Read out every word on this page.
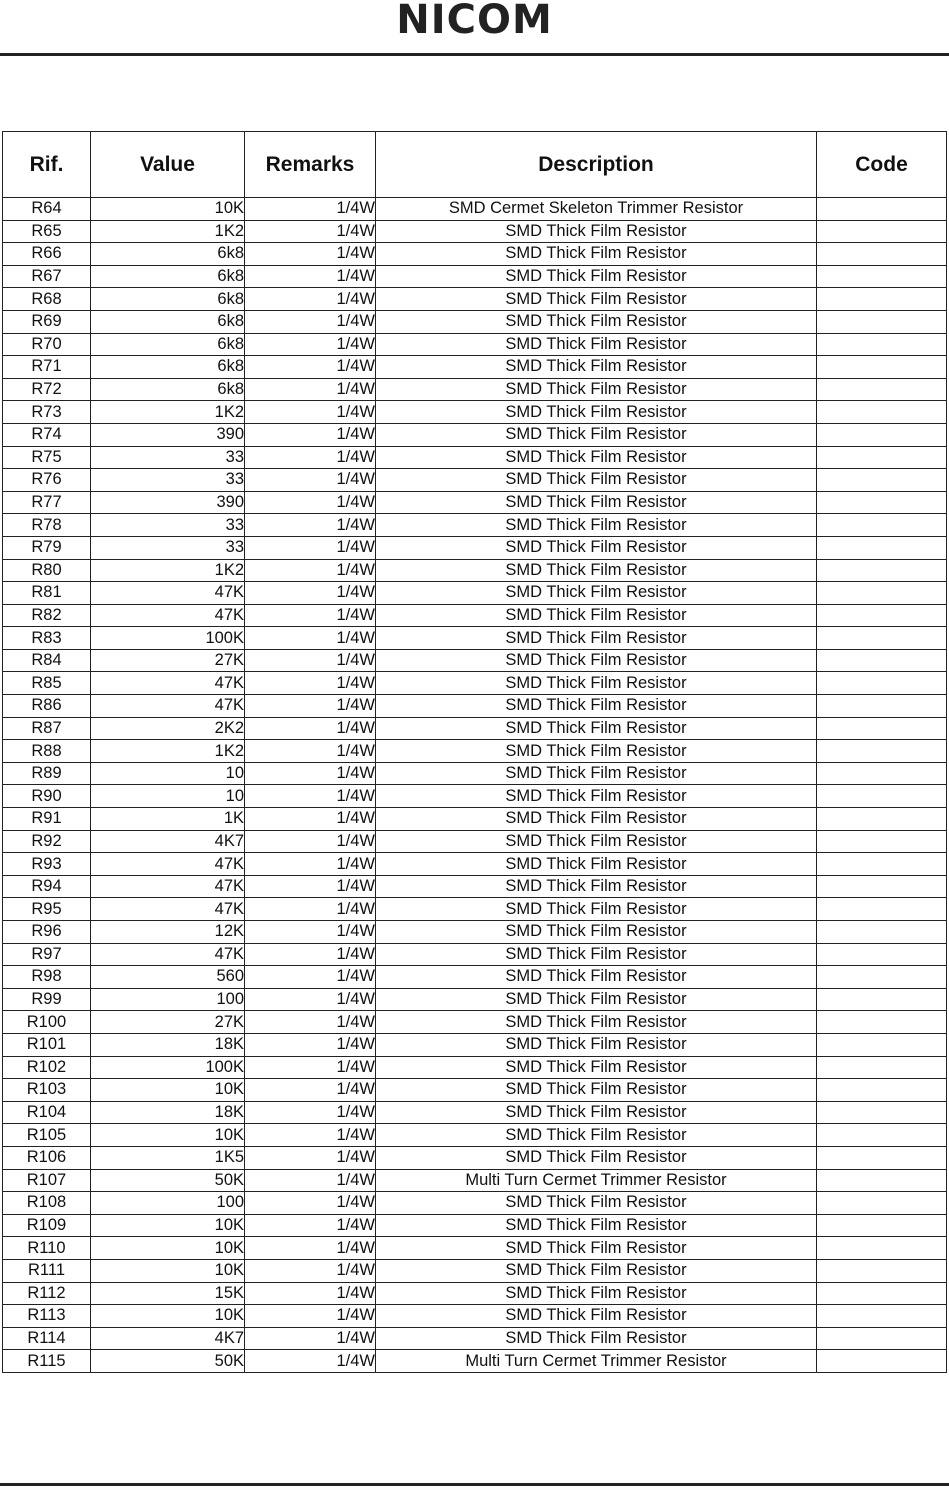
NICOM
Rif.	Value	Remarks	Description	Code
R64	10K	1/4W	SMD Cermet Skeleton Trimmer Resistor	
R65	1K2	1/4W	SMD Thick Film Resistor	
R66	6k8	1/4W	SMD Thick Film Resistor	
R67	6k8	1/4W	SMD Thick Film Resistor	
R68	6k8	1/4W	SMD Thick Film Resistor	
R69	6k8	1/4W	SMD Thick Film Resistor	
R70	6k8	1/4W	SMD Thick Film Resistor	
R71	6k8	1/4W	SMD Thick Film Resistor	
R72	6k8	1/4W	SMD Thick Film Resistor	
R73	1K2	1/4W	SMD Thick Film Resistor	
R74	390	1/4W	SMD Thick Film Resistor	
R75	33	1/4W	SMD Thick Film Resistor	
R76	33	1/4W	SMD Thick Film Resistor	
R77	390	1/4W	SMD Thick Film Resistor	
R78	33	1/4W	SMD Thick Film Resistor	
R79	33	1/4W	SMD Thick Film Resistor	
R80	1K2	1/4W	SMD Thick Film Resistor	
R81	47K	1/4W	SMD Thick Film Resistor	
R82	47K	1/4W	SMD Thick Film Resistor	
R83	100K	1/4W	SMD Thick Film Resistor	
R84	27K	1/4W	SMD Thick Film Resistor	
R85	47K	1/4W	SMD Thick Film Resistor	
R86	47K	1/4W	SMD Thick Film Resistor	
R87	2K2	1/4W	SMD Thick Film Resistor	
R88	1K2	1/4W	SMD Thick Film Resistor	
R89	10	1/4W	SMD Thick Film Resistor	
R90	10	1/4W	SMD Thick Film Resistor	
R91	1K	1/4W	SMD Thick Film Resistor	
R92	4K7	1/4W	SMD Thick Film Resistor	
R93	47K	1/4W	SMD Thick Film Resistor	
R94	47K	1/4W	SMD Thick Film Resistor	
R95	47K	1/4W	SMD Thick Film Resistor	
R96	12K	1/4W	SMD Thick Film Resistor	
R97	47K	1/4W	SMD Thick Film Resistor	
R98	560	1/4W	SMD Thick Film Resistor	
R99	100	1/4W	SMD Thick Film Resistor	
R100	27K	1/4W	SMD Thick Film Resistor	
R101	18K	1/4W	SMD Thick Film Resistor	
R102	100K	1/4W	SMD Thick Film Resistor	
R103	10K	1/4W	SMD Thick Film Resistor	
R104	18K	1/4W	SMD Thick Film Resistor	
R105	10K	1/4W	SMD Thick Film Resistor	
R106	1K5	1/4W	SMD Thick Film Resistor	
R107	50K	1/4W	Multi Turn Cermet Trimmer Resistor	
R108	100	1/4W	SMD Thick Film Resistor	
R109	10K	1/4W	SMD Thick Film Resistor	
R110	10K	1/4W	SMD Thick Film Resistor	
R111	10K	1/4W	SMD Thick Film Resistor	
R112	15K	1/4W	SMD Thick Film Resistor	
R113	10K	1/4W	SMD Thick Film Resistor	
R114	4K7	1/4W	SMD Thick Film Resistor	
R115	50K	1/4W	Multi Turn Cermet Trimmer Resistor	
